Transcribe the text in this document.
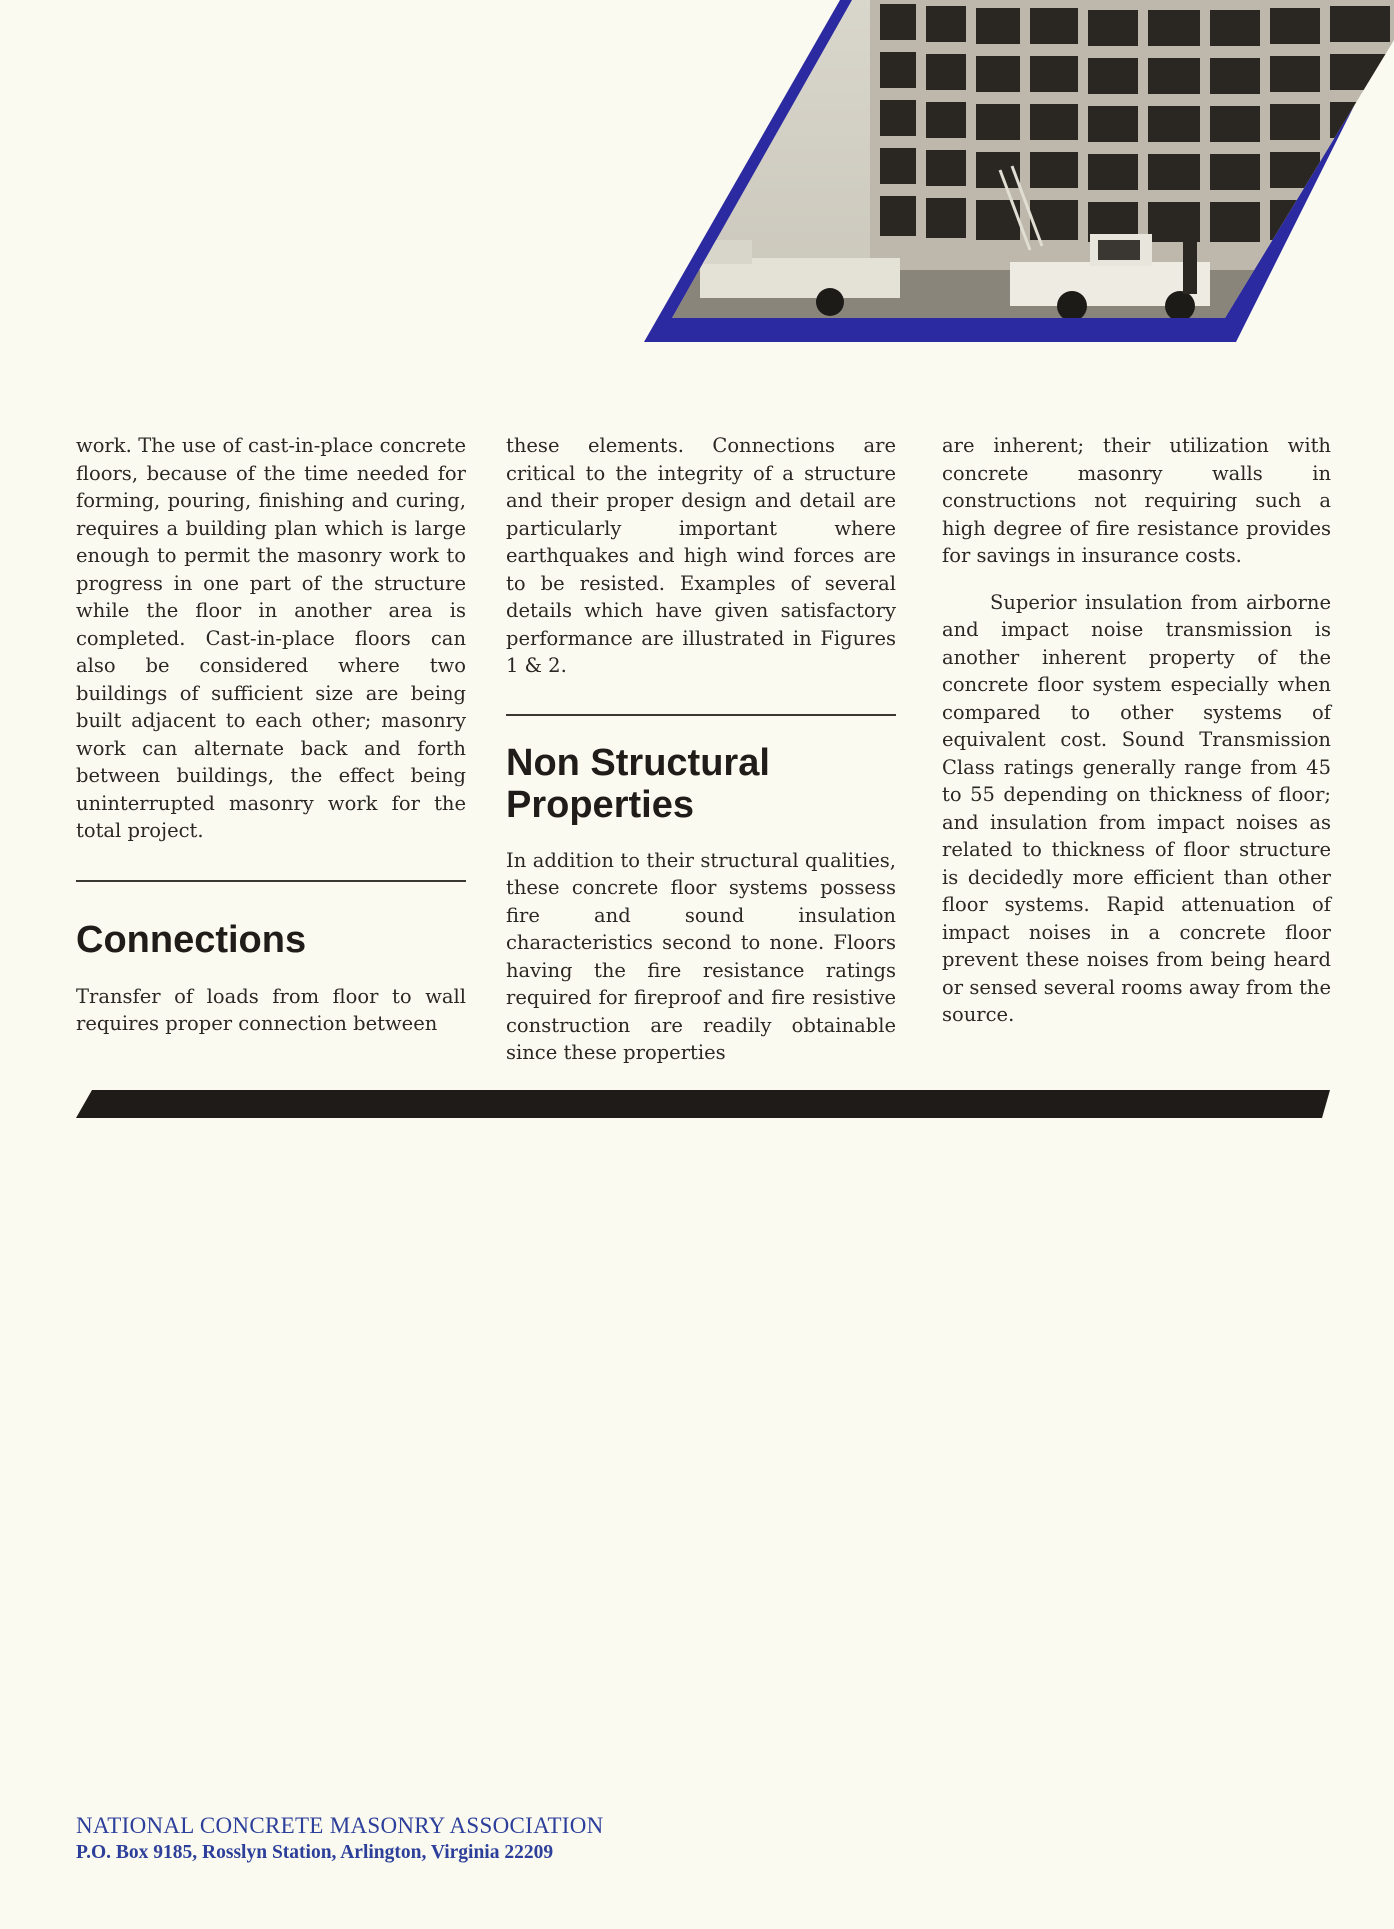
work. The use of cast-in-place concrete floors, because of the time needed for forming, pouring, finishing and curing, requires a building plan which is large enough to permit the masonry work to progress in one part of the structure while the floor in another area is completed. Cast-in-place floors can also be considered where two buildings of sufficient size are being built adjacent to each other; masonry work can alternate back and forth between buildings, the effect being uninterrupted masonry work for the total project.

Connections

Transfer of loads from floor to wall requires proper connection between

these elements. Connections are critical to the integrity of a structure and their proper design and detail are particularly important where earthquakes and high wind forces are to be resisted. Examples of several details which have given satisfactory performance are illustrated in Figures 1 & 2.

Non Structural Properties

In addition to their structural qualities, these concrete floor systems possess fire and sound insulation characteristics second to none. Floors having the fire resistance ratings required for fireproof and fire resistive construction are readily obtainable since these properties

are inherent; their utilization with concrete masonry walls in constructions not requiring such a high degree of fire resistance provides for savings in insurance costs.

Superior insulation from airborne and impact noise transmission is another inherent property of the concrete floor system especially when compared to other systems of equivalent cost. Sound Transmission Class ratings generally range from 45 to 55 depending on thickness of floor; and insulation from impact noises as related to thickness of floor structure is decidedly more efficient than other floor systems. Rapid attenuation of impact noises in a concrete floor prevent these noises from being heard or sensed several rooms away from the source.

NATIONAL CONCRETE MASONRY ASSOCIATION
P.O. Box 9185, Rosslyn Station, Arlington, Virginia 22209
